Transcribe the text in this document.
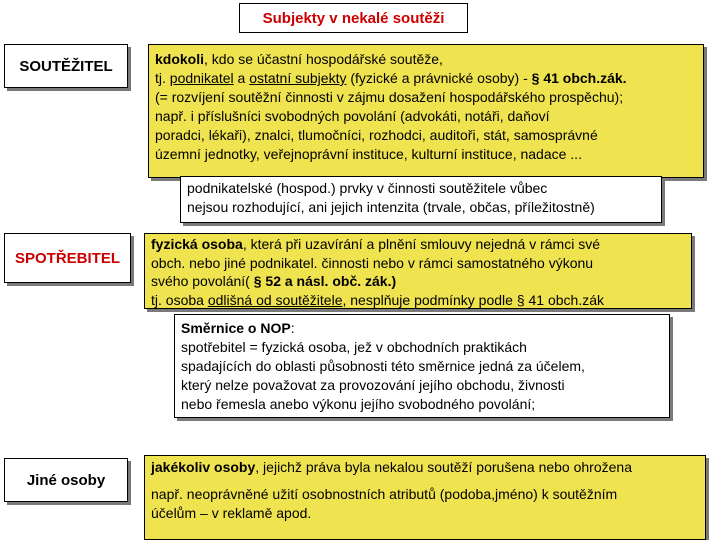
Subjekty v nekalé soutěži
SOUTĚŽITEL	kdokoli, kdo se účastní hospodářské soutěže,
tj. podnikatel a ostatní subjekty (fyzické a právnické osoby) - § 41 obch.zák.
(= rozvíjení soutěžní činnosti v zájmu dosažení hospodářského prospěchu);
např. i příslušníci svobodných povolání (advokáti, notáři, daňoví
poradci, lékaři), znalci, tlumočníci, rozhodci, auditoři, stát, samosprávné
územní jednotky, veřejnoprávní instituce, kulturní instituce, nadace ...
podnikatelské (hospod.) prvky v činnosti soutěžitele vůbec
nejsou rozhodující, ani jejich intenzita (trvale, občas, příležitostně)
SPOTŘEBITEL
fyzická osoba, která při uzavírání a plnění smlouvy nejedná v rámci své
obch. nebo jiné podnikatel. činnosti nebo v rámci samostatného výkonu
svého povolání( § 52 a násl. obč. zák.)
tj. osoba odlišná od soutěžitele, nesplňuje podmínky podle § 41 obch.zák
Směrnice o NOP:
spotřebitel = fyzická osoba, jež v obchodních praktikách
spadajících do oblasti působnosti této směrnice jedná za účelem,
který nelze považovat za provozování jejího obchodu, živnosti
nebo řemesla anebo výkonu jejího svobodného povolání;
Jiné osoby
jakékoliv osoby, jejichž práva byla nekalou soutěží porušena nebo ohrožena
např. neoprávněné užití osobnostních atributů (podoba,jméno) k soutěžním
účelům – v reklamě apod.
